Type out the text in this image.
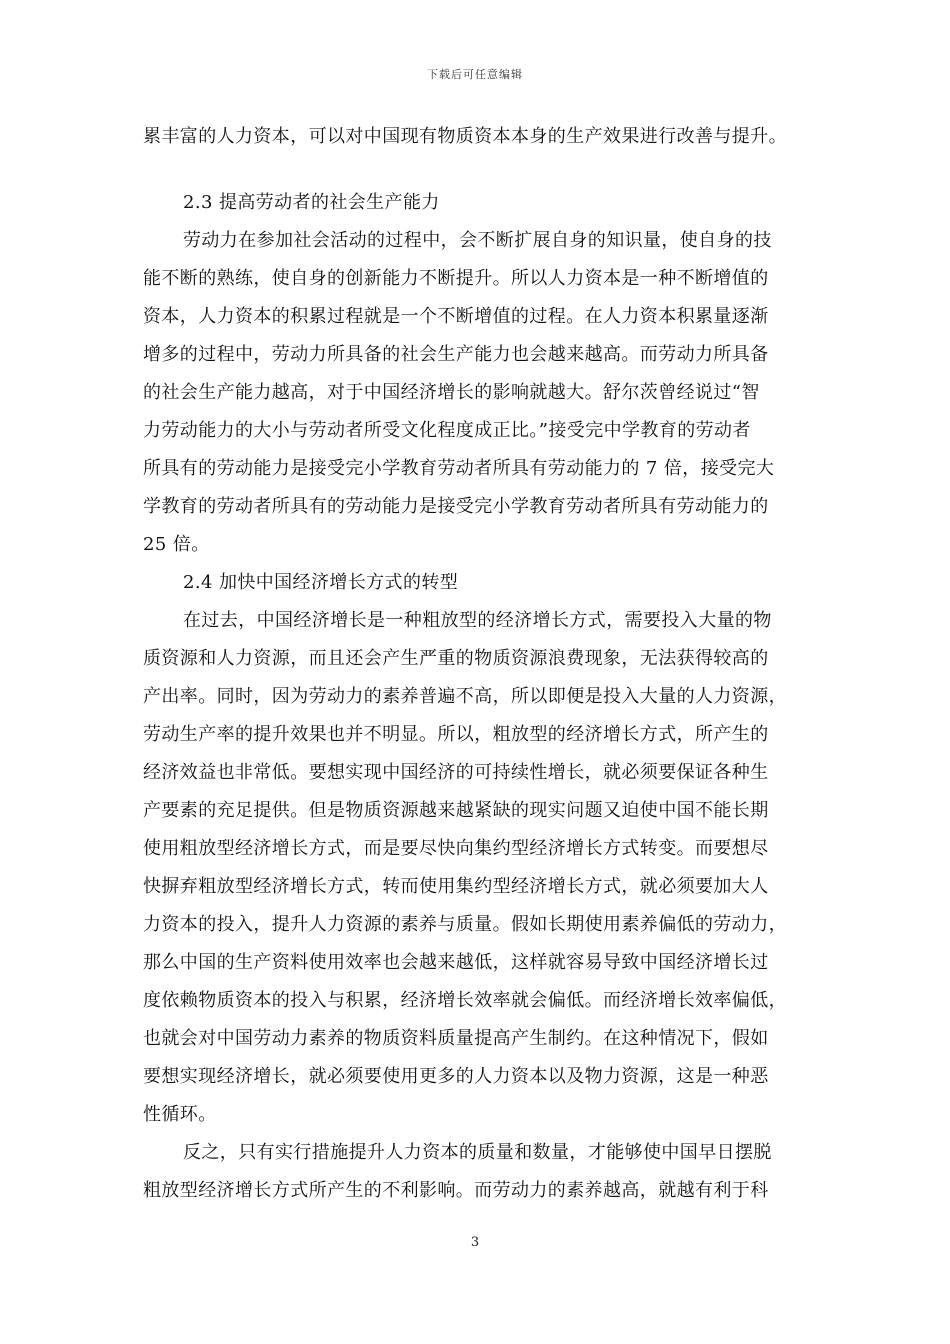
下载后可任意编辑
累丰富的人力资本，可以对中国现有物质资本本身的生产效果进行改善与提升。
2.3 提高劳动者的社会生产能力
劳动力在参加社会活动的过程中，会不断扩展自身的知识量，使自身的技
能不断的熟练，使自身的创新能力不断提升。所以人力资本是一种不断增值的
资本，人力资本的积累过程就是一个不断增值的过程。在人力资本积累量逐渐
增多的过程中，劳动力所具备的社会生产能力也会越来越高。而劳动力所具备
的社会生产能力越高，对于中国经济增长的影响就越大。舒尔茨曾经说过“智
力劳动能力的大小与劳动者所受文化程度成正比。”接受完中学教育的劳动者
所具有的劳动能力是接受完小学教育劳动者所具有劳动能力的 7 倍，接受完大
学教育的劳动者所具有的劳动能力是接受完小学教育劳动者所具有劳动能力的
25 倍。
2.4 加快中国经济增长方式的转型
在过去，中国经济增长是一种粗放型的经济增长方式，需要投入大量的物
质资源和人力资源，而且还会产生严重的物质资源浪费现象，无法获得较高的
产出率。同时，因为劳动力的素养普遍不高，所以即便是投入大量的人力资源，
劳动生产率的提升效果也并不明显。所以，粗放型的经济增长方式，所产生的
经济效益也非常低。要想实现中国经济的可持续性增长，就必须要保证各种生
产要素的充足提供。但是物质资源越来越紧缺的现实问题又迫使中国不能长期
使用粗放型经济增长方式，而是要尽快向集约型经济增长方式转变。而要想尽
快摒弃粗放型经济增长方式，转而使用集约型经济增长方式，就必须要加大人
力资本的投入，提升人力资源的素养与质量。假如长期使用素养偏低的劳动力，
那么中国的生产资料使用效率也会越来越低，这样就容易导致中国经济增长过
度依赖物质资本的投入与积累，经济增长效率就会偏低。而经济增长效率偏低，
也就会对中国劳动力素养的物质资料质量提高产生制约。在这种情况下，假如
要想实现经济增长，就必须要使用更多的人力资本以及物力资源，这是一种恶
性循环。
反之，只有实行措施提升人力资本的质量和数量，才能够使中国早日摆脱
粗放型经济增长方式所产生的不利影响。而劳动力的素养越高，就越有利于科
3
